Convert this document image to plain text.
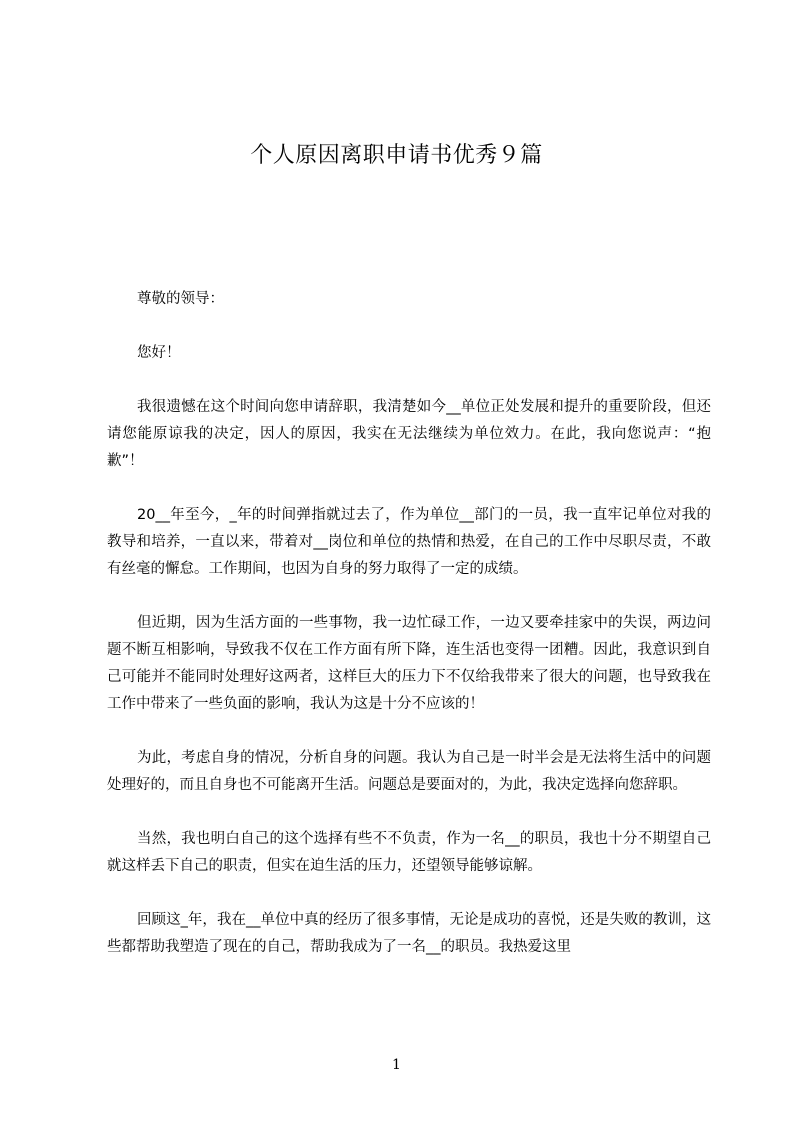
个人原因离职申请书优秀９篇

尊敬的领导：

您好！

我很遗憾在这个时间向您申请辞职，我清楚如今__单位正处发展和提升的重要阶段，但还请您能原谅我的决定，因人的原因，我实在无法继续为单位效力。在此，我向您说声：“抱歉”！

20__年至今，_年的时间弹指就过去了，作为单位__部门的一员，我一直牢记单位对我的教导和培养，一直以来，带着对__岗位和单位的热情和热爱，在自己的工作中尽职尽责，不敢有丝毫的懈怠。工作期间，也因为自身的努力取得了一定的成绩。

但近期，因为生活方面的一些事物，我一边忙碌工作，一边又要牵挂家中的失误，两边问题不断互相影响，导致我不仅在工作方面有所下降，连生活也变得一团糟。因此，我意识到自己可能并不能同时处理好这两者，这样巨大的压力下不仅给我带来了很大的问题，也导致我在工作中带来了一些负面的影响，我认为这是十分不应该的！

为此，考虑自身的情况，分析自身的问题。我认为自己是一时半会是无法将生活中的问题处理好的，而且自身也不可能离开生活。问题总是要面对的，为此，我决定选择向您辞职。

当然，我也明白自己的这个选择有些不不负责，作为一名__的职员，我也十分不期望自己就这样丢下自己的职责，但实在迫生活的压力，还望领导能够谅解。

回顾这_年，我在__单位中真的经历了很多事情，无论是成功的喜悦，还是失败的教训，这些都帮助我塑造了现在的自己，帮助我成为了一名__的职员。我热爱这里

1
